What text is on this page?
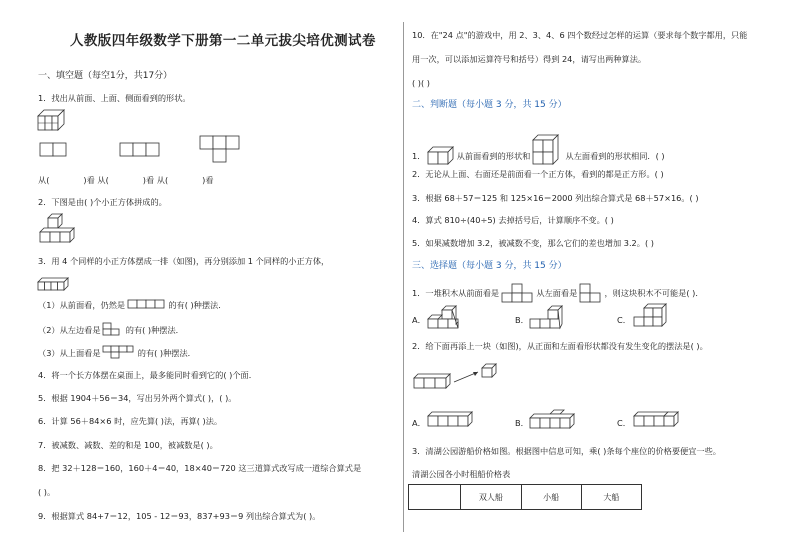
人教版四年级数学下册第一二单元拔尖培优测试卷
一、填空题（每空1分，共17分）
1．找出从前面、上面、侧面看到的形状。
从(	)看 从(	)看 从(	)看
2．下图是由( )个小正方体拼成的。
3．用 4 个同样的小正方体摆成一排（如图)，再分别添加 1 个同样的小正方体，
（1）从前面看，仍然是	的有( )种摆法．
（2）从左边看是	的有( )种摆法．
（3）从上面看是	的有( )种摆法．
4．将一个长方体摆在桌面上，最多能同时看到它的( )个面．
5．根据 1904＋56＝34，写出另外两个算式( )，( )。
6．计算 56＋84×6 时，应先算( )法，再算( )法。
7．被减数、减数、差的和是 100，被减数是( )。
8．把 32＋128＝160，160＋4＝40，18×40＝720 这三道算式改写成一道综合算式是
( )。
9．根据算式 84+7＝12，105 - 12＝93，837+93＝9 列出综合算式为( )。
10．在"24 点"的游戏中，用 2、3、4、6 四个数经过怎样的运算（要求每个数字都用，只能
用一次，可以添加运算符号和括号）得到 24，请写出两种算法。
( )( )
二、判断题（每小题 3 分，共 15 分）
1．	从前面看到的形状和	从左面看到的形状相同．( )
2．无论从上面、右面还是前面看一个正方体，看到的都是正方形。( )
3．根据 68＋57＝125 和 125×16＝2000 列出综合算式是 68＋57×16。( )
4．算式 810÷(40÷5) 去掉括号后，计算顺序不变。( )
5．如果减数增加 3.2，被减数不变，那么它们的差也增加 3.2。( )
三、选择题（每小题 3 分，共 15 分）
1．一堆积木从前面看是	从左面看是	，则这块积木不可能是( )．
A．	B．	C．
2．给下面再添上一块（如图)，从正面和左面看形状都没有发生变化的摆法是( )。
A．	B．	C．
3．清湖公园游船价格如图。根据图中信息可知，乘( )条每个座位的价格要便宜一些。
清湖公园各小时租船价格表
	双人船	小船	大船
